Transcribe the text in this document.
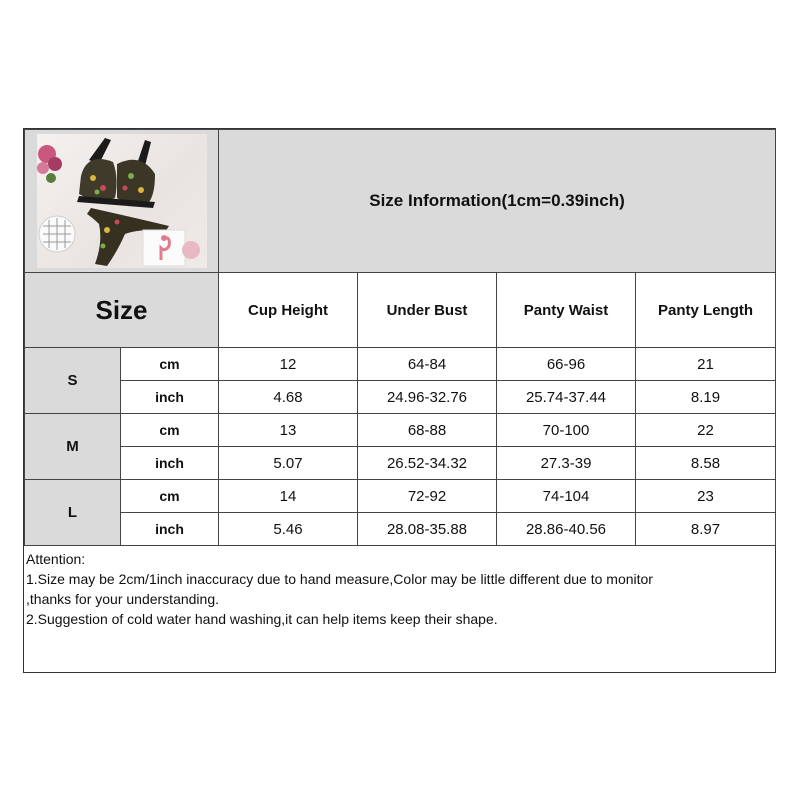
	Size Information(1cm=0.39inch)			
Size		Cup Height	Under Bust	Panty Waist	Panty Length
S	cm	12	64-84	66-96	21
	inch	4.68	24.96-32.76	25.74-37.44	8.19
M	cm	13	68-88	70-100	22
	inch	5.07	26.52-34.32	27.3-39	8.58
L	cm	14	72-92	74-104	23
	inch	5.46	28.08-35.88	28.86-40.56	8.97
Attention:
1.Size may be 2cm/1inch inaccuracy due to hand measure,Color may be little different due to monitor
,thanks for your understanding.
2.Suggestion of cold water hand washing,it can help items keep their shape.
